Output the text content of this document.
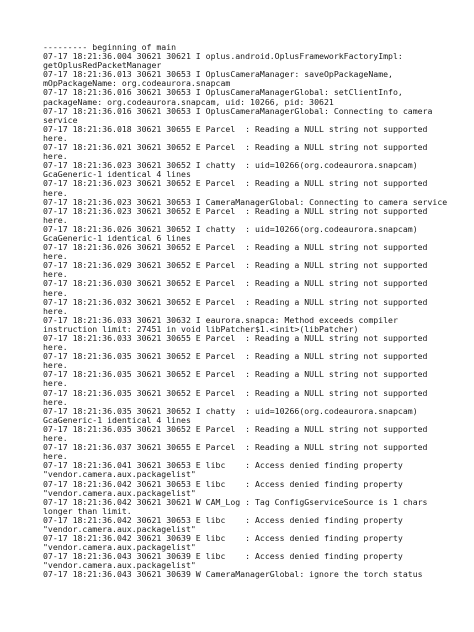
--------- beginning of main
07-17 18:21:36.004 30621 30621 I oplus.android.OplusFrameworkFactoryImpl:
getOplusRedPacketManager
07-17 18:21:36.013 30621 30653 I OplusCameraManager: saveOpPackageName,
mOpPackageName: org.codeaurora.snapcam
07-17 18:21:36.016 30621 30653 I OplusCameraManagerGlobal: setClientInfo,
packageName: org.codeaurora.snapcam, uid: 10266, pid: 30621
07-17 18:21:36.016 30621 30653 I OplusCameraManagerGlobal: Connecting to camera
service
07-17 18:21:36.018 30621 30655 E Parcel  : Reading a NULL string not supported
here.
07-17 18:21:36.021 30621 30652 E Parcel  : Reading a NULL string not supported
here.
07-17 18:21:36.023 30621 30652 I chatty  : uid=10266(org.codeaurora.snapcam)
GcaGeneric-1 identical 4 lines
07-17 18:21:36.023 30621 30652 E Parcel  : Reading a NULL string not supported
here.
07-17 18:21:36.023 30621 30653 I CameraManagerGlobal: Connecting to camera service
07-17 18:21:36.023 30621 30652 E Parcel  : Reading a NULL string not supported
here.
07-17 18:21:36.026 30621 30652 I chatty  : uid=10266(org.codeaurora.snapcam)
GcaGeneric-1 identical 6 lines
07-17 18:21:36.026 30621 30652 E Parcel  : Reading a NULL string not supported
here.
07-17 18:21:36.029 30621 30652 E Parcel  : Reading a NULL string not supported
here.
07-17 18:21:36.030 30621 30652 E Parcel  : Reading a NULL string not supported
here.
07-17 18:21:36.032 30621 30652 E Parcel  : Reading a NULL string not supported
here.
07-17 18:21:36.033 30621 30632 I eaurora.snapca: Method exceeds compiler
instruction limit: 27451 in void libPatcher$1.<init>(libPatcher)
07-17 18:21:36.033 30621 30655 E Parcel  : Reading a NULL string not supported
here.
07-17 18:21:36.035 30621 30652 E Parcel  : Reading a NULL string not supported
here.
07-17 18:21:36.035 30621 30652 E Parcel  : Reading a NULL string not supported
here.
07-17 18:21:36.035 30621 30652 E Parcel  : Reading a NULL string not supported
here.
07-17 18:21:36.035 30621 30652 I chatty  : uid=10266(org.codeaurora.snapcam)
GcaGeneric-1 identical 4 lines
07-17 18:21:36.035 30621 30652 E Parcel  : Reading a NULL string not supported
here.
07-17 18:21:36.037 30621 30655 E Parcel  : Reading a NULL string not supported
here.
07-17 18:21:36.041 30621 30653 E libc    : Access denied finding property
"vendor.camera.aux.packagelist"
07-17 18:21:36.042 30621 30653 E libc    : Access denied finding property
"vendor.camera.aux.packagelist"
07-17 18:21:36.042 30621 30621 W CAM_Log : Tag ConfigGserviceSource is 1 chars
longer than limit.
07-17 18:21:36.042 30621 30653 E libc    : Access denied finding property
"vendor.camera.aux.packagelist"
07-17 18:21:36.042 30621 30639 E libc    : Access denied finding property
"vendor.camera.aux.packagelist"
07-17 18:21:36.043 30621 30639 E libc    : Access denied finding property
"vendor.camera.aux.packagelist"
07-17 18:21:36.043 30621 30639 W CameraManagerGlobal: ignore the torch status
